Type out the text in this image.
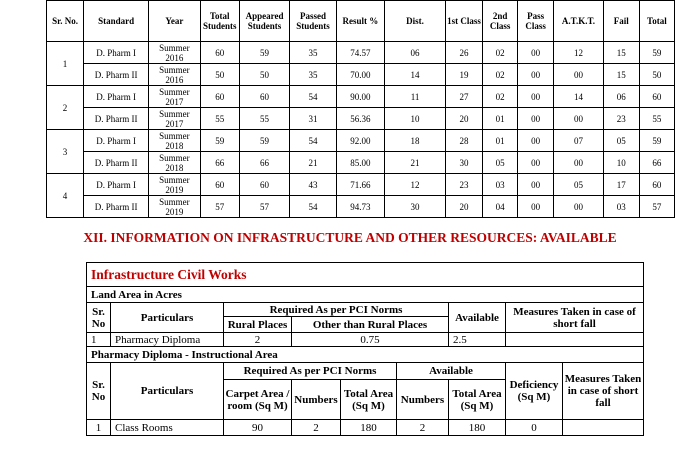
Sr. No.	Standard	Year	Total Students	Appeared Students	Passed Students	Result %	Dist.	1st Class	2nd Class	Pass Class	A.T.K.T.	Fail	Total
1	D. Pharm I	Summer 2016	60	59	35	74.57	06	26	02	00	12	15	59
	D. Pharm II	Summer 2016	50	50	35	70.00	14	19	02	00	00	15	50
2	D. Pharm I	Summer 2017	60	60	54	90.00	11	27	02	00	14	06	60
	D. Pharm II	Summer 2017	55	55	31	56.36	10	20	01	00	00	23	55
3	D. Pharm I	Summer 2018	59	59	54	92.00	18	28	01	00	07	05	59
	D. Pharm II	Summer 2018	66	66	21	85.00	21	30	05	00	00	10	66
4	D. Pharm I	Summer 2019	60	60	43	71.66	12	23	03	00	05	17	60
	D. Pharm II	Summer 2019	57	57	54	94.73	30	20	04	00	00	03	57
XII. INFORMATION ON INFRASTRUCTURE AND OTHER RESOURCES: AVAILABLE
Infrastructure Civil Works								
Land Area in Acres								
Sr. No	Particulars	Required As per PCI Norms				Available	Measures Taken in case of short fall	
		Rural Places	Other than Rural Places					
1	Pharmacy Diploma	2	0.75			2.5		
Pharmacy Diploma - Instructional Area								
Sr. No	Particulars	Required As per PCI Norms			Available		Deficiency (Sq M)	Measures Taken in case of short fall
		Carpet Area / room (Sq M)	Numbers	Total Area (Sq M)	Numbers	Total Area (Sq M)		
1	Class Rooms	90	2	180	2	180	0	
